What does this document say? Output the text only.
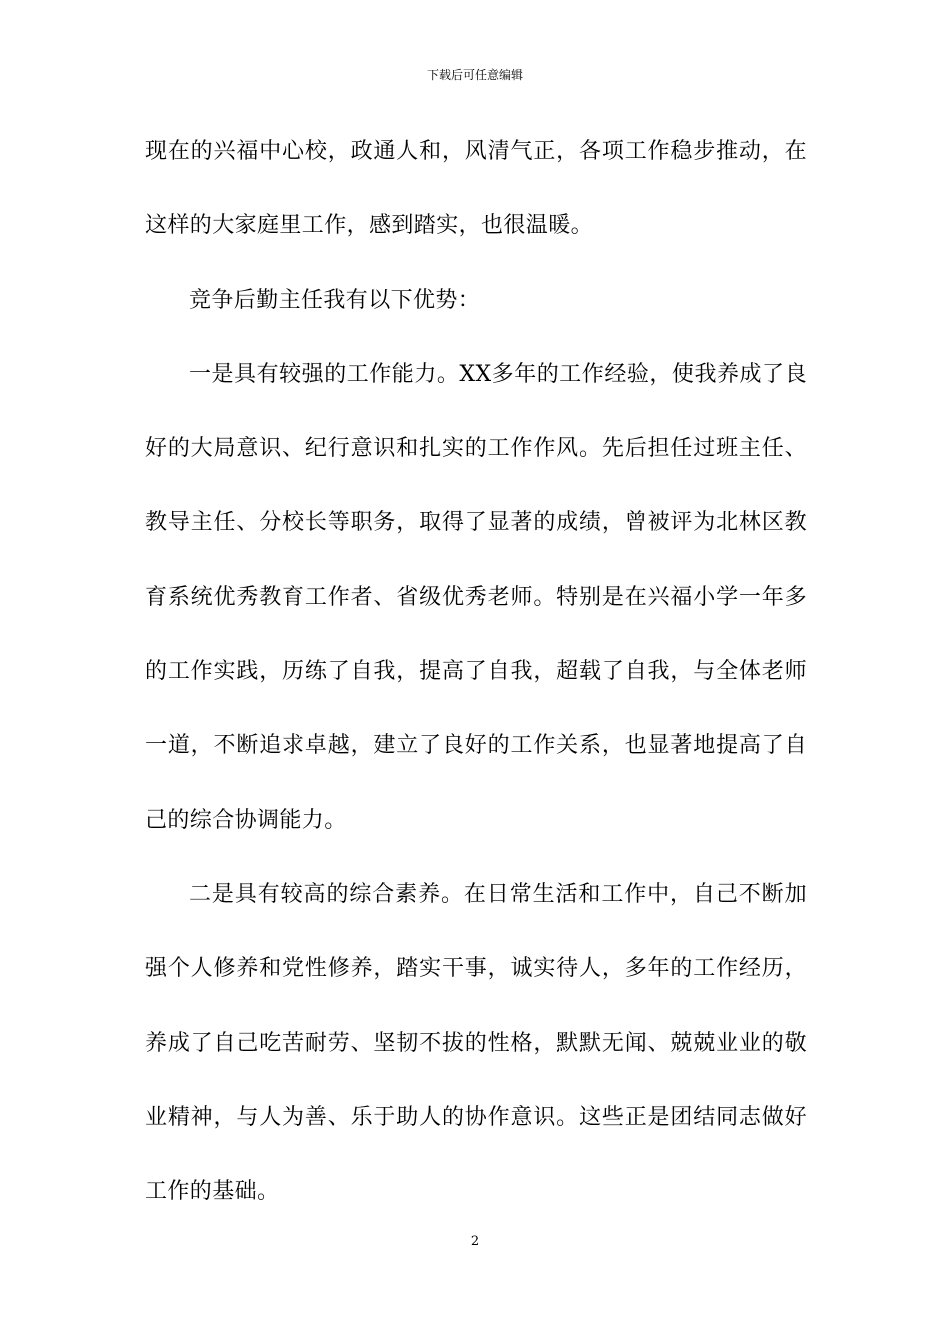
下载后可任意编辑
现在的兴福中心校，政通人和，风清气正，各项工作稳步推动，在
这样的大家庭里工作，感到踏实，也很温暖。
竞争后勤主任我有以下优势：
一是具有较强的工作能力。XX多年的工作经验，使我养成了良
好的大局意识、纪行意识和扎实的工作作风。先后担任过班主任、
教导主任、分校长等职务，取得了显著的成绩，曾被评为北林区教
育系统优秀教育工作者、省级优秀老师。特别是在兴福小学一年多
的工作实践，历练了自我，提高了自我，超载了自我，与全体老师
一道，不断追求卓越，建立了良好的工作关系，也显著地提高了自
己的综合协调能力。
二是具有较高的综合素养。在日常生活和工作中，自己不断加
强个人修养和党性修养，踏实干事，诚实待人，多年的工作经历，
养成了自己吃苦耐劳、坚韧不拔的性格，默默无闻、兢兢业业的敬
业精神，与人为善、乐于助人的协作意识。这些正是团结同志做好
工作的基础。
2
